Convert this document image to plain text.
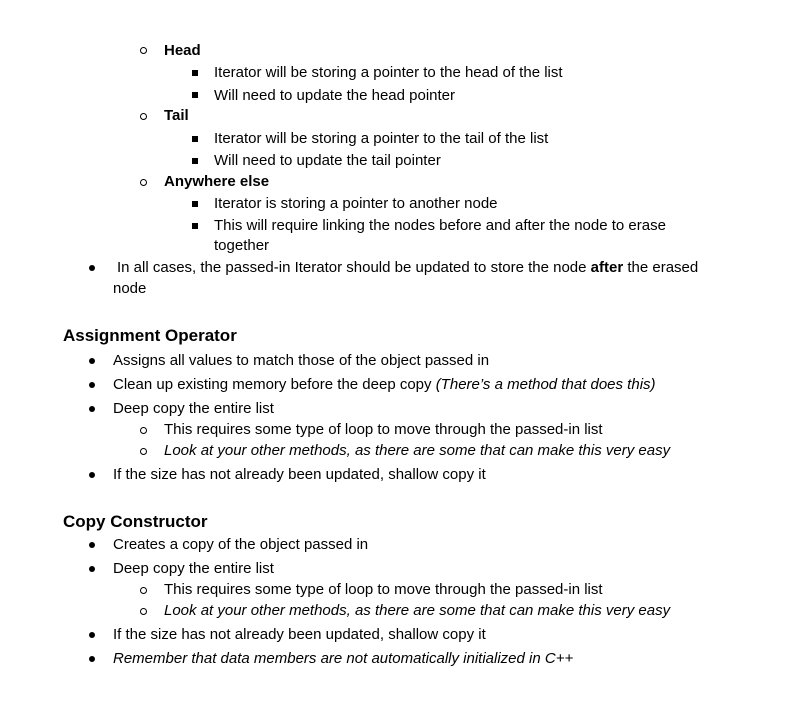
Head
Iterator will be storing a pointer to the head of the list
Will need to update the head pointer
Tail
Iterator will be storing a pointer to the tail of the list
Will need to update the tail pointer
Anywhere else
Iterator is storing a pointer to another node
This will require linking the nodes before and after the node to erase
together
In all cases, the passed-in Iterator should be updated to store the node after the erased
node
Assignment Operator
Assigns all values to match those of the object passed in
Clean up existing memory before the deep copy (There’s a method that does this)
Deep copy the entire list
This requires some type of loop to move through the passed-in list
Look at your other methods, as there are some that can make this very easy
If the size has not already been updated, shallow copy it
Copy Constructor
Creates a copy of the object passed in
Deep copy the entire list
This requires some type of loop to move through the passed-in list
Look at your other methods, as there are some that can make this very easy
If the size has not already been updated, shallow copy it
Remember that data members are not automatically initialized in C++
